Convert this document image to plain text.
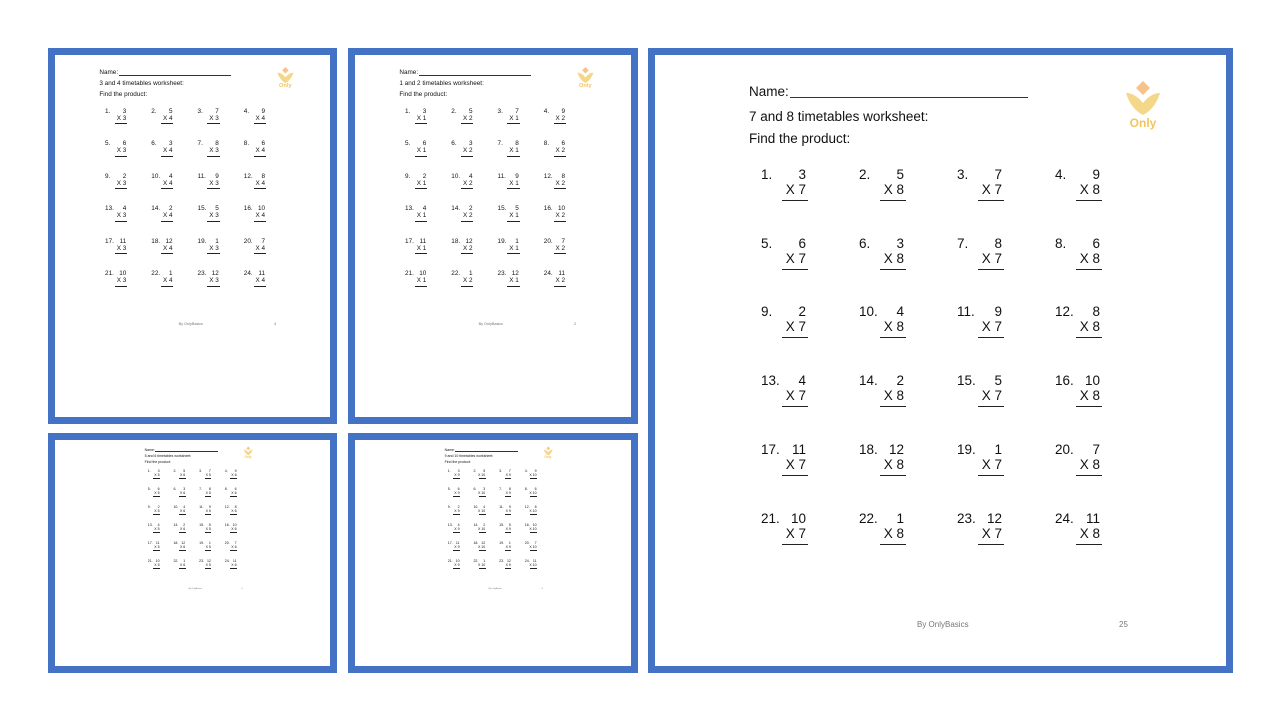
Name:
3 and 4 timetables worksheet:
Find the product:
Only
1. 3
X 3
2. 5
X 4
3. 7
X 3
4. 9
X 4
5. 6
X 3
6. 3
X 4
7. 8
X 3
8. 6
X 4
9. 2
X 3
10. 4
X 4
11. 9
X 3
12. 8
X 4
13. 4
X 3
14. 2
X 4
15. 5
X 3
16. 10
X 4
17. 11
X 3
18. 12
X 4
19. 1
X 3
20. 7
X 4
21. 10
X 3
22. 1
X 4
23. 12
X 3
24. 11
X 4
By OnlyBasics	4
Name:
1 and 2 timetables worksheet:
Find the product:
Only
1. 3
X 1
2. 5
X 2
3. 7
X 1
4. 9
X 2
5. 6
X 1
6. 3
X 2
7. 8
X 1
8. 6
X 2
9. 2
X 1
10. 4
X 2
11. 9
X 1
12. 8
X 2
13. 4
X 1
14. 2
X 2
15. 5
X 1
16. 10
X 2
17. 11
X 1
18. 12
X 2
19. 1
X 1
20. 7
X 2
21. 10
X 1
22. 1
X 2
23. 12
X 1
24. 11
X 2
By OnlyBasics	2
Name:
5 and 6 timetables worksheet:
Find the product:
Only
1. 3
X 5
2. 5
X 6
3. 7
X 5
4. 9
X 6
5. 6
X 5
6. 3
X 6
7. 8
X 5
8. 6
X 6
9. 2
X 5
10. 4
X 6
11. 9
X 5
12. 8
X 6
13. 4
X 5
14. 2
X 6
15. 5
X 5
16. 10
X 6
17. 11
X 5
18. 12
X 6
19. 1
X 5
20. 7
X 6
21. 10
X 5
22. 1
X 6
23. 12
X 5
24. 11
X 6
By OnlyBasics	6
Name:
9 and 10 timetables worksheet:
Find the product:
Only
1. 3
X 9
2. 5
X 10
3. 7
X 9
4. 9
X 10
5. 6
X 9
6. 3
X 10
7. 8
X 9
8. 6
X 10
9. 2
X 9
10. 4
X 10
11. 9
X 9
12. 8
X 10
13. 4
X 9
14. 2
X 10
15. 5
X 9
16. 10
X 10
17. 11
X 9
18. 12
X 10
19. 1
X 9
20. 7
X 10
21. 10
X 9
22. 1
X 10
23. 12
X 9
24. 11
X 10
By OnlyBasics	8
Name:
7 and 8 timetables worksheet:
Find the product:
Only
1. 3
X 7
2. 5
X 8
3. 7
X 7
4. 9
X 8
5. 6
X 7
6. 3
X 8
7. 8
X 7
8. 6
X 8
9. 2
X 7
10. 4
X 8
11. 9
X 7
12. 8
X 8
13. 4
X 7
14. 2
X 8
15. 5
X 7
16. 10
X 8
17. 11
X 7
18. 12
X 8
19. 1
X 7
20. 7
X 8
21. 10
X 7
22. 1
X 8
23. 12
X 7
24. 11
X 8
By OnlyBasics	25
